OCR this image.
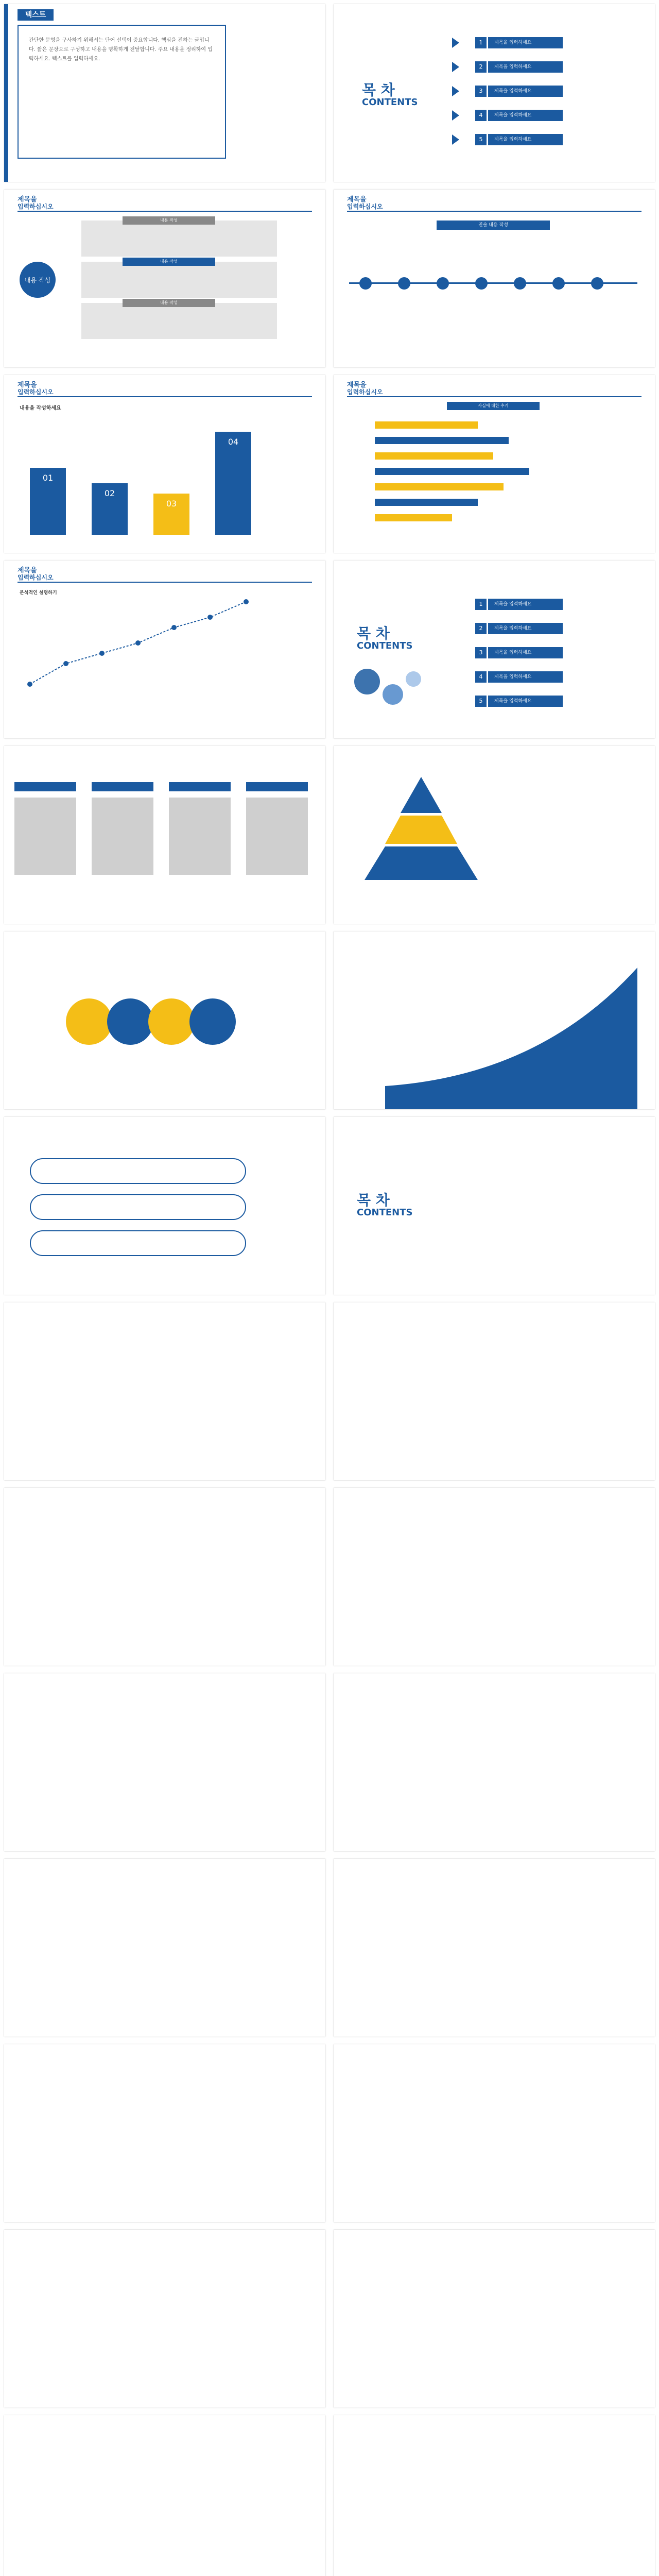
텍스트
간단한 문형을 구사하기 위해서는 단어 선택이 중요합니다. 핵심을 전하는 글입니다. 짧은 문장으로 구성하고 내용을 명확하게 전달합니다. 주요 내용을 정리하여 입력하세요. 텍스트를 입력하세요.
목 차
CONTENTS
1
2
3
4
5
제목을 입력하세요
제목을 입력하세요
제목을 입력하세요
제목을 입력하세요
제목을 입력하세요
제목을
입력하십시오
내용 작성
내용 작성
내용 작성
내용 작성
제목을
입력하십시오
진술 내용 작성
제목을
입력하십시오
내용을 작성하세요
01
02
03
04
제목을
입력하십시오
사실에 대한 추기
제목을
입력하십시오
분석적인 설명하기
목 차
CONTENTS
1
2
3
4
5
제목을 입력하세요
제목을 입력하세요
제목을 입력하세요
제목을 입력하세요
제목을 입력하세요
목 차
CONTENTS
